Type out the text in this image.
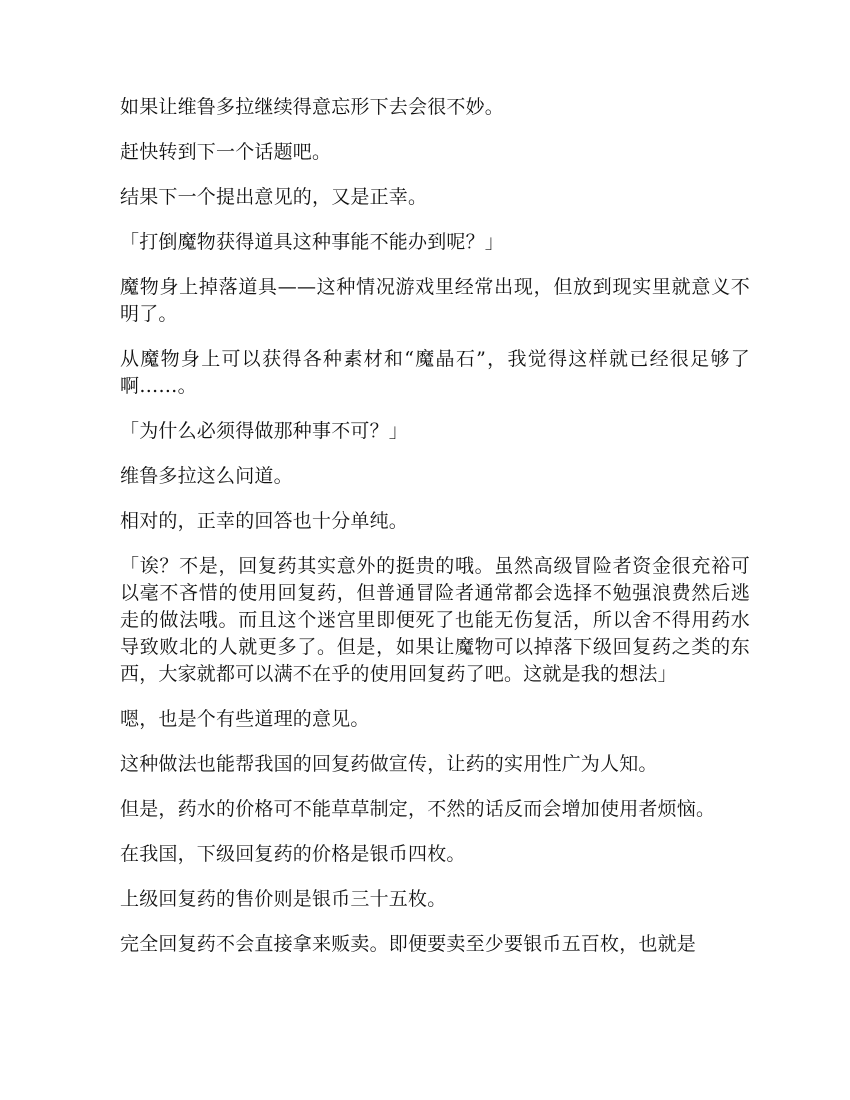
如果让维鲁多拉继续得意忘形下去会很不妙。

赶快转到下一个话题吧。

结果下一个提出意见的，又是正幸。

「打倒魔物获得道具这种事能不能办到呢？」

魔物身上掉落道具——这种情况游戏里经常出现，但放到现实里就意义不明了。

从魔物身上可以获得各种素材和“魔晶石”，我觉得这样就已经很足够了啊……。

「为什么必须得做那种事不可？」

维鲁多拉这么问道。

相对的，正幸的回答也十分单纯。

「诶？不是，回复药其实意外的挺贵的哦。虽然高级冒险者资金很充裕可以毫不吝惜的使用回复药，但普通冒险者通常都会选择不勉强浪费然后逃走的做法哦。而且这个迷宫里即便死了也能无伤复活，所以舍不得用药水导致败北的人就更多了。但是，如果让魔物可以掉落下级回复药之类的东西，大家就都可以满不在乎的使用回复药了吧。这就是我的想法」

嗯，也是个有些道理的意见。

这种做法也能帮我国的回复药做宣传，让药的实用性广为人知。

但是，药水的价格可不能草草制定，不然的话反而会增加使用者烦恼。

在我国，下级回复药的价格是银币四枚。

上级回复药的售价则是银币三十五枚。

完全回复药不会直接拿来贩卖。即便要卖至少要银币五百枚，也就是
